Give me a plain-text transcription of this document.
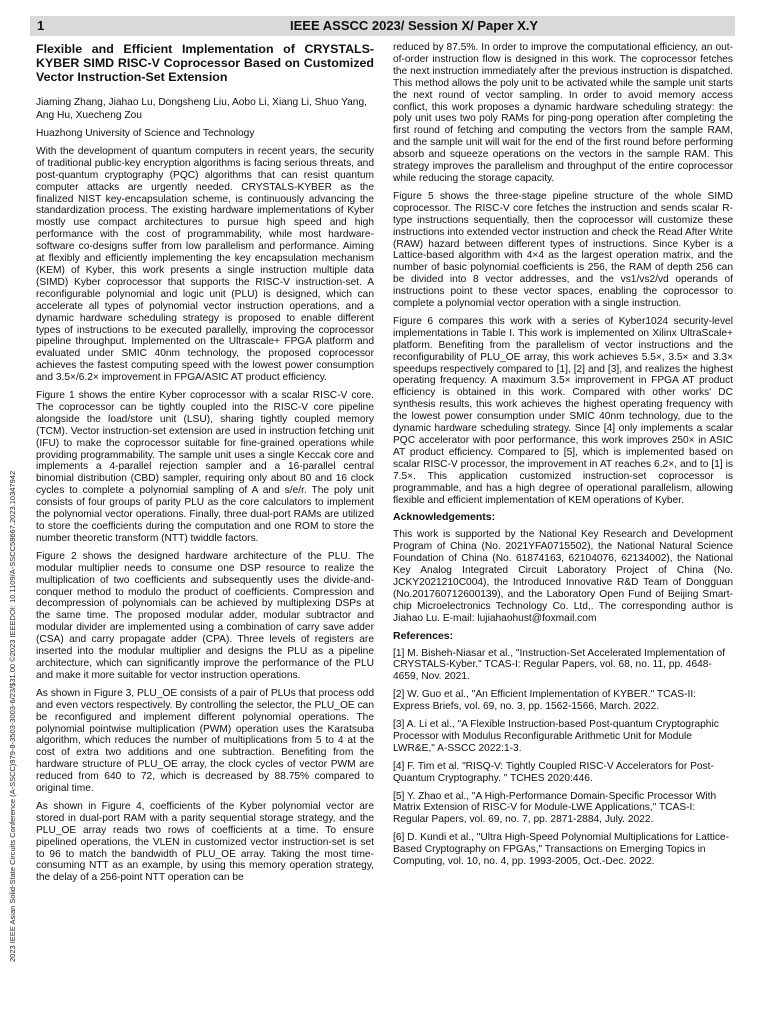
1	IEEE ASSCC 2023/ Session X/ Paper X.Y
2023 IEEE Asian Solid-State Circuits Conference (A-SSCC)
979-8-3503-3003-6/23/$31.00 ©2023 IEEE
DOI: 10.1109/A-SSCC58667.2023.10347942
Flexible and Efficient Implementation of CRYSTALS-KYBER SIMD RISC-V Coprocessor Based on Customized Vector Instruction-Set Extension
Jiaming Zhang, Jiahao Lu, Dongsheng Liu, Aobo Li, Xiang Li, Shuo Yang, Ang Hu, Xuecheng Zou
Huazhong University of Science and Technology

With the development of quantum computers in recent years, the security of traditional public-key encryption algorithms is facing serious threats, and post-quantum cryptography (PQC) algorithms that can resist quantum computer attacks are urgently needed. CRYSTALS-KYBER as the finalized NIST key-encapsulation scheme, is continuously advancing the standardization process. The existing hardware implementations of Kyber mostly use compact architectures to pursue high speed and high performance with the cost of programmability, while most hardware-software co-designs suffer from low parallelism and performance. Aiming at flexibly and efficiently implementing the key encapsulation mechanism (KEM) of Kyber, this work presents a single instruction multiple data (SIMD) Kyber coprocessor that supports the RISC-V instruction-set. A reconfigurable polynomial and logic unit (PLU) is designed, which can accelerate all types of polynomial vector instruction operations, and a dynamic hardware scheduling strategy is proposed to enable different types of instructions to be executed parallelly, improving the coprocessor pipeline throughput. Implemented on the Ultrascale+ FPGA platform and evaluated under SMIC 40nm technology, the proposed coprocessor achieves the fastest computing speed with the lowest power consumption and 3.5×/6.2× improvement in FPGA/ASIC AT product efficiency.

Figure 1 shows the entire Kyber coprocessor with a scalar RISC-V core. The coprocessor can be tightly coupled into the RISC-V core pipeline alongside the load/store unit (LSU), sharing tightly coupled memory (TCM). Vector instruction-set extension are used in instruction fetching unit (IFU) to make the coprocessor suitable for fine-grained operations while providing programmability. The sample unit uses a single Keccak core and implements a 4-parallel rejection sampler and a 16-parallel central binomial distribution (CBD) sampler, requiring only about 80 and 16 clock cycles to complete a polynomial sampling of A and s/e/r. The poly unit consists of four groups of parity PLU as the core calculators to implement the polynomial vector operations. Finally, three dual-port RAMs are utilized to store the coefficients during the computation and one ROM to store the number theoretic transform (NTT) twiddle factors.

Figure 2 shows the designed hardware architecture of the PLU. The modular multiplier needs to consume one DSP resource to realize the multiplication of two coefficients and subsequently uses the divide-and-conquer method to modulo the product of coefficients. Compression and decompression of polynomials can be achieved by multiplexing DSPs at the same time. The proposed modular adder, modular subtractor and modular divider are implemented using a combination of carry save adder (CSA) and carry propagate adder (CPA). Three levels of registers are inserted into the modular multiplier and designs the PLU as a pipeline architecture, which can significantly improve the performance of the PLU and make it more suitable for vector instruction operations.

As shown in Figure 3, PLU_OE consists of a pair of PLUs that process odd and even vectors respectively. By controlling the selector, the PLU_OE can be reconfigured and implement different polynomial operations. The polynomial pointwise multiplication (PWM) operation uses the Karatsuba algorithm, which reduces the number of multiplications from 5 to 4 at the cost of extra two additions and one subtraction. Benefiting from the hardware structure of PLU_OE array, the clock cycles of vector PWM are reduced from 640 to 72, which is decreased by 88.75% compared to original time.

As shown in Figure 4, coefficients of the Kyber polynomial vector are stored in dual-port RAM with a parity sequential storage strategy, and the PLU_OE array reads two rows of coefficients at a time. To ensure pipelined operations, the VLEN in customized vector instruction-set is set to 96 to match the bandwidth of PLU_OE array. Taking the most time-consuming NTT as an example, by using this memory operation strategy, the delay of a 256-point NTT operation can be

reduced by 87.5%. In order to improve the computational efficiency, an out-of-order instruction flow is designed in this work. The coprocessor fetches the next instruction immediately after the previous instruction is dispatched. This method allows the poly unit to be activated while the sample unit starts the next round of vector sampling. In order to avoid memory access conflict, this work proposes a dynamic hardware scheduling strategy: the poly unit uses two poly RAMs for ping-pong operation after completing the first round of fetching and computing the vectors from the sample RAM, and the sample unit will wait for the end of the first round before performing absorb and squeeze operations on the vectors in the sample RAM. This strategy improves the parallelism and throughput of the entire coprocessor while reducing the storage capacity.

Figure 5 shows the three-stage pipeline structure of the whole SIMD coprocessor. The RISC-V core fetches the instruction and sends scalar R-type instructions sequentially, then the coprocessor will customize these instructions into extended vector instruction and check the Read After Write (RAW) hazard between different types of instructions. Since Kyber is a Lattice-based algorithm with 4×4 as the largest operation matrix, and the number of basic polynomial coefficients is 256, the RAM of depth 256 can be divided into 8 vector addresses, and the vs1/vs2/vd operands of instructions point to these vector spaces, enabling the coprocessor to complete a polynomial vector operation with a single instruction.

Figure 6 compares this work with a series of Kyber1024 security-level implementations in Table I. This work is implemented on Xilinx UltraScale+ platform. Benefiting from the parallelism of vector instructions and the reconfigurability of PLU_OE array, this work achieves 5.5×, 3.5× and 3.3× speedups respectively compared to [1], [2] and [3], and realizes the highest operating frequency. A maximum 3.5× improvement in FPGA AT product efficiency is obtained in this work. Compared with other works' DC synthesis results, this work achieves the highest operating frequency with the lowest power consumption under SMIC 40nm technology, due to the dynamic hardware scheduling strategy. Since [4] only implements a scalar PQC accelerator with poor performance, this work improves 250× in ASIC AT product efficiency. Compared to [5], which is implemented based on scalar RISC-V processor, the improvement in AT reaches 6.2×, and to [1] is 7.5×. This application customized instruction-set coprocessor is programmable, and has a high degree of operational parallelism, allowing flexible and efficient implementation of KEM operations of Kyber.

Acknowledgements:

This work is supported by the National Key Research and Development Program of China (No. 2021YFA0715502), the National Natural Science Foundation of China (No. 61874163, 62104076, 62134002), the National Key Analog Integrated Circuit Laboratory Project of China (No. JCKY2021210C004), the Introduced Innovative R&D Team of Dongguan (No.201760712600139), and the Laboratory Open Fund of Beijing Smart-chip Microelectronics Technology Co. Ltd,. The corresponding author is Jiahao Lu. E-mail: lujiahaohust@foxmail.com

References:
[1] M. Bisheh-Niasar et al., "Instruction-Set Accelerated Implementation of CRYSTALS-Kyber." TCAS-I: Regular Papers, vol. 68, no. 11, pp. 4648-4659, Nov. 2021.
[2] W. Guo et al., "An Efficient Implementation of KYBER." TCAS-II: Express Briefs, vol. 69, no. 3, pp. 1562-1566, March. 2022.
[3] A. Li et al., "A Flexible Instruction-based Post-quantum Cryptographic Processor with Modulus Reconfigurable Arithmetic Unit for Module LWR&E," A-SSCC 2022:1-3.
[4] F. Tim et al. "RISQ-V: Tightly Coupled RISC-V Accelerators for Post-Quantum Cryptography. " TCHES 2020:446.
[5] Y. Zhao et al., "A High-Performance Domain-Specific Processor With Matrix Extension of RISC-V for Module-LWE Applications," TCAS-I: Regular Papers, vol. 69, no. 7, pp. 2871-2884, July. 2022.
[6] D. Kundi et al., "Ultra High-Speed Polynomial Multiplications for Lattice-Based Cryptography on FPGAs," Transactions on Emerging Topics in Computing, vol. 10, no. 4, pp. 1993-2005, Oct.-Dec. 2022.
